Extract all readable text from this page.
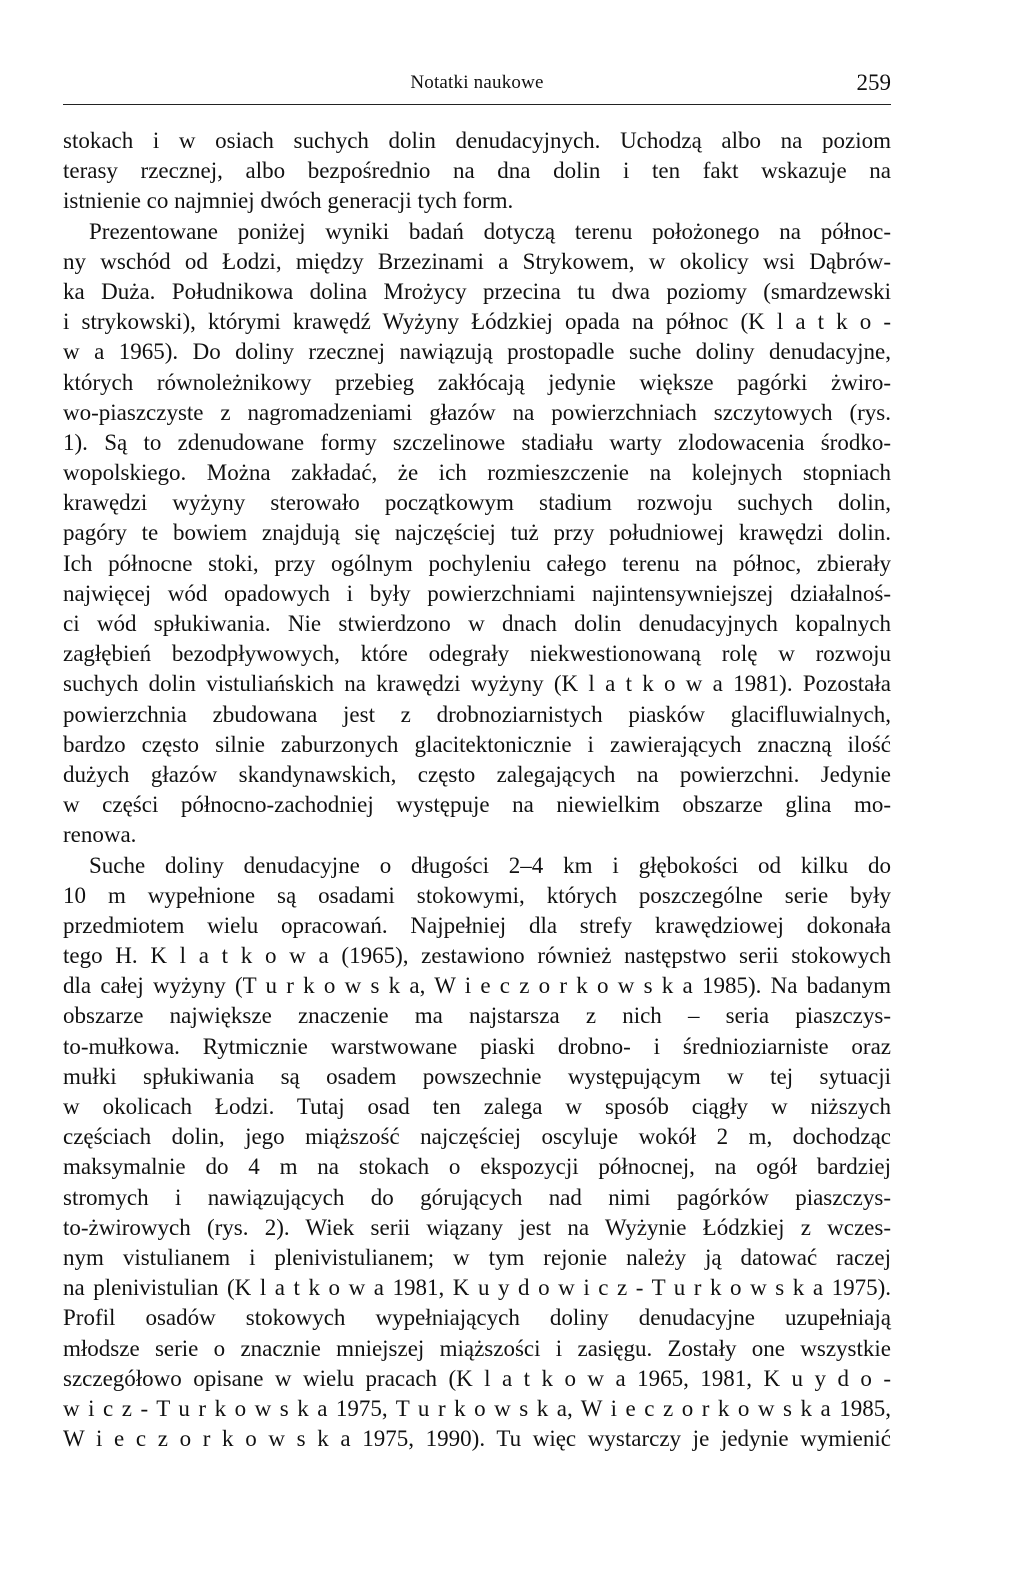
Notatki naukowe	259
stokach i w osiach suchych dolin denudacyjnych. Uchodzą albo na poziom
terasy rzecznej, albo bezpośrednio na dna dolin i ten fakt wskazuje na
istnienie co najmniej dwóch generacji tych form.
Prezentowane poniżej wyniki badań dotyczą terenu położonego na północ-
ny wschód od Łodzi, między Brzezinami a Strykowem, w okolicy wsi Dąbrów-
ka Duża. Południkowa dolina Mrożycy przecina tu dwa poziomy (smardzewski
i strykowski), którymi krawędź Wyżyny Łódzkiej opada na północ (K l a t k o -
w a 1965). Do doliny rzecznej nawiązują prostopadle suche doliny denudacyjne,
których równoleżnikowy przebieg zakłócają jedynie większe pagórki żwiro-
wo-piaszczyste z nagromadzeniami głazów na powierzchniach szczytowych (rys.
1). Są to zdenudowane formy szczelinowe stadiału warty zlodowacenia środko-
wopolskiego. Można zakładać, że ich rozmieszczenie na kolejnych stopniach
krawędzi wyżyny sterowało początkowym stadium rozwoju suchych dolin,
pagóry te bowiem znajdują się najczęściej tuż przy południowej krawędzi dolin.
Ich północne stoki, przy ogólnym pochyleniu całego terenu na północ, zbierały
najwięcej wód opadowych i były powierzchniami najintensywniejszej działalnoś-
ci wód spłukiwania. Nie stwierdzono w dnach dolin denudacyjnych kopalnych
zagłębień bezodpływowych, które odegrały niekwestionowaną rolę w rozwoju
suchych dolin vistuliańskich na krawędzi wyżyny (K l a t k o w a 1981). Pozostała
powierzchnia zbudowana jest z drobnoziarnistych piasków glacifluwialnych,
bardzo często silnie zaburzonych glacitektonicznie i zawierających znaczną ilość
dużych głazów skandynawskich, często zalegających na powierzchni. Jedynie
w części północno-zachodniej występuje na niewielkim obszarze glina mo-
renowa.
Suche doliny denudacyjne o długości 2–4 km i głębokości od kilku do
10 m wypełnione są osadami stokowymi, których poszczególne serie były
przedmiotem wielu opracowań. Najpełniej dla strefy krawędziowej dokonała
tego H. K l a t k o w a (1965), zestawiono również następstwo serii stokowych
dla całej wyżyny (T u r k o w s k a, W i e c z o r k o w s k a 1985). Na badanym
obszarze największe znaczenie ma najstarsza z nich – seria piaszczys-
to-mułkowa. Rytmicznie warstwowane piaski drobno- i średnioziarniste oraz
mułki spłukiwania są osadem powszechnie występującym w tej sytuacji
w okolicach Łodzi. Tutaj osad ten zalega w sposób ciągły w niższych
częściach dolin, jego miąższość najczęściej oscyluje wokół 2 m, dochodząc
maksymalnie do 4 m na stokach o ekspozycji północnej, na ogół bardziej
stromych i nawiązujących do górujących nad nimi pagórków piaszczys-
to-żwirowych (rys. 2). Wiek serii wiązany jest na Wyżynie Łódzkiej z wczes-
nym vistulianem i plenivistulianem; w tym rejonie należy ją datować raczej
na plenivistulian (K l a t k o w a 1981, K u y d o w i c z - T u r k o w s k a 1975).
Profil osadów stokowych wypełniających doliny denudacyjne uzupełniają
młodsze serie o znacznie mniejszej miąższości i zasięgu. Zostały one wszystkie
szczegółowo opisane w wielu pracach (K l a t k o w a 1965, 1981, K u y d o -
w i c z - T u r k o w s k a 1975, T u r k o w s k a, W i e c z o r k o w s k a 1985,
W i e c z o r k o w s k a 1975, 1990). Tu więc wystarczy je jedynie wymienić
